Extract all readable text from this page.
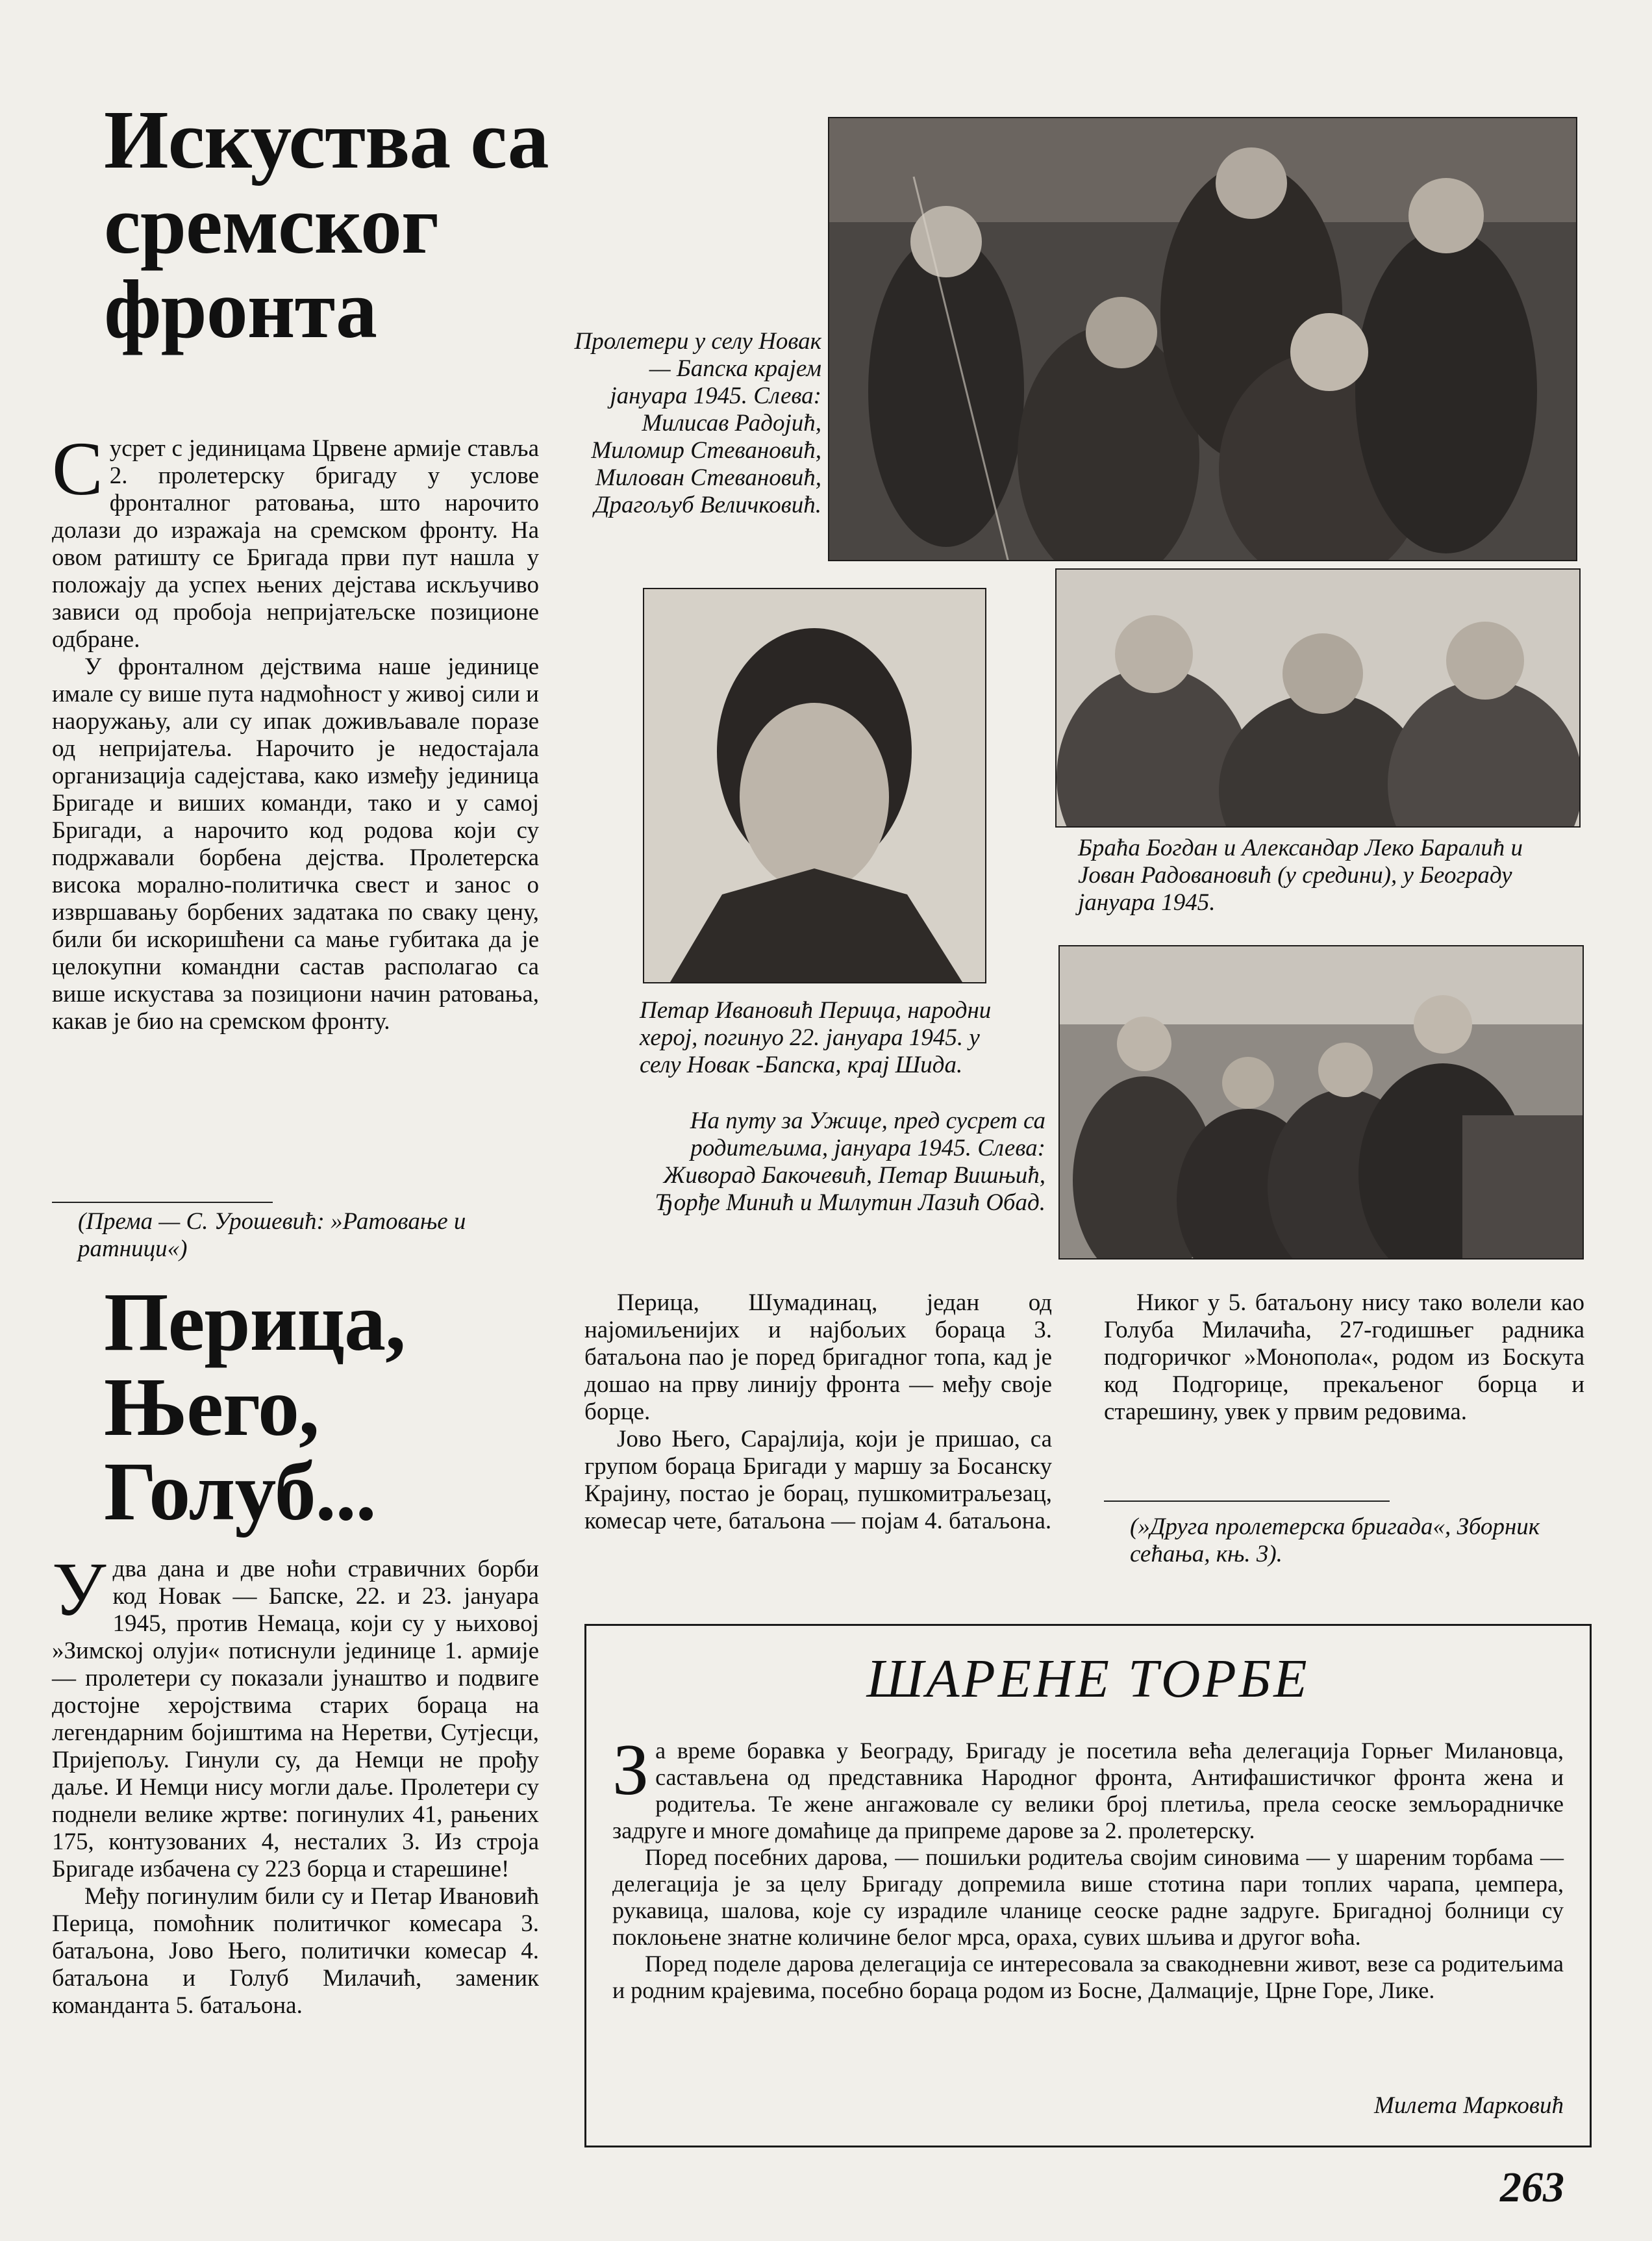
Искуства са сремског фронта

Сусрет с јединицама Црвене армије ставља 2. пролетерску бригаду у услове фронталног ратовања, што нарочито долази до изражаја на сремском фронту. На овом ратишту се Бригада први пут нашла у положају да успех њених дејстава искључиво зависи од пробоја непријатељске позиционе одбране.

У фронталном дејствима наше јединице имале су више пута надмоћност у живој сили и наоружању, али су ипак доживљавале поразе од непријатеља. Нарочито је недостајала организација садејстава, како између јединица Бригаде и виших команди, тако и у самој Бригади, а нарочито код родова који су подржавали борбена дејства. Пролетерска висока морално-политичка свест и занос о извршавању борбених задатака по сваку цену, били би искоришћени са мање губитака да је целокупни командни састав располагао са више искустава за позициони начин ратовања, какав је био на сремском фронту.

(Према — С. Урошевић: »Ратовање и ратници«)
Перица, Њего, Голуб...

Удва дана и две ноћи стравичних борби код Новак — Бапске, 22. и 23. јануара 1945, против Немаца, који су у њиховој »Зимској олуји« потиснули јединице 1. армије — пролетери су показали јунаштво и подвиге достојне херојствима старих бораца на легендарним бојиштима на Неретви, Сутјесци, Пријепољу. Гинули су, да Немци не прођу даље. И Немци нису могли даље. Пролетери су поднели велике жртве: погинулих 41, рањених 175, контузованих 4, несталих 3. Из строја Бригаде избачена су 223 борца и старешине!

Међу погинулим били су и Петар Ивановић Перица, помоћник политичког комесара 3. батаљона, Јово Њего, политички комесар 4. батаљона и Голуб Милачић, заменик команданта 5. батаљона.

Пролетери у селу Новак — Бапска крајем јануара 1945. Слева: Милисав Радојић, Миломир Стевановић, Милован Стевановић, Драгољуб Величковић.
Петар Ивановић Перица, народни херој, погинуо 22. јануара 1945. у селу Новак -Бапска, крај Шида.
Браћа Богдан и Александар Леко Баралић и Јован Радовановић (у средини), у Београду јануара 1945.
На путу за Ужице, пред сусрет са родитељима, јануара 1945. Слева: Живорад Бакочевић, Петар Вишњић, Ђорђе Минић и Милутин Лазић Обад.

Перица, Шумадинац, један од наjомиљенијих и најбољих бораца 3. батаљона пао је поред бригадног топа, кад је дошао на прву линију фронта — међу своје борце.

Јово Њего, Сарајлија, који је пришао, са групом бораца Бригади у маршу за Босанску Крајину, постао је борац, пушкомитраљезац, комесар чете, батаљона — појам 4. батаљона.

Никог у 5. батаљону нису тако волели као Голуба Милачића, 27-годишњег радника подгоричког »Монопола«, родом из Боскута код Подгорице, прекаљеног борца и старешину, увек у првим редовима.

(»Друга пролетерска бригада«, Зборник сећања, књ. 3).
ШАРЕНЕ ТОРБЕ

За време боравка у Београду, Бригаду је посетила већа делегација Горњег Милановца, састављена од представника Народног фронта, Антифашистичког фронта жена и родитеља. Те жене ангажовале су велики број плетиља, прела сеоске земљорадничке задруге и многе домаћице да припреме дарове за 2. пролетерску.

Поред посебних дарова, — пошиљки родитеља својим синовима — у шареним торбама — делегација је за целу Бригаду допремила више стотина пари топлих чарапа, џемпера, рукавица, шалова, које су израдиле чланице сеоске радне задруге. Бригадној болници су поклоњене знатне количине белог мрса, ораха, сувих шљива и другог воћа.

Поред поделе дарова делегација се интересовала за свакодневни живот, везе са родитељима и родним крајевима, посебно бораца родом из Босне, Далмације, Црне Горе, Лике.

Милета Марковић
263
